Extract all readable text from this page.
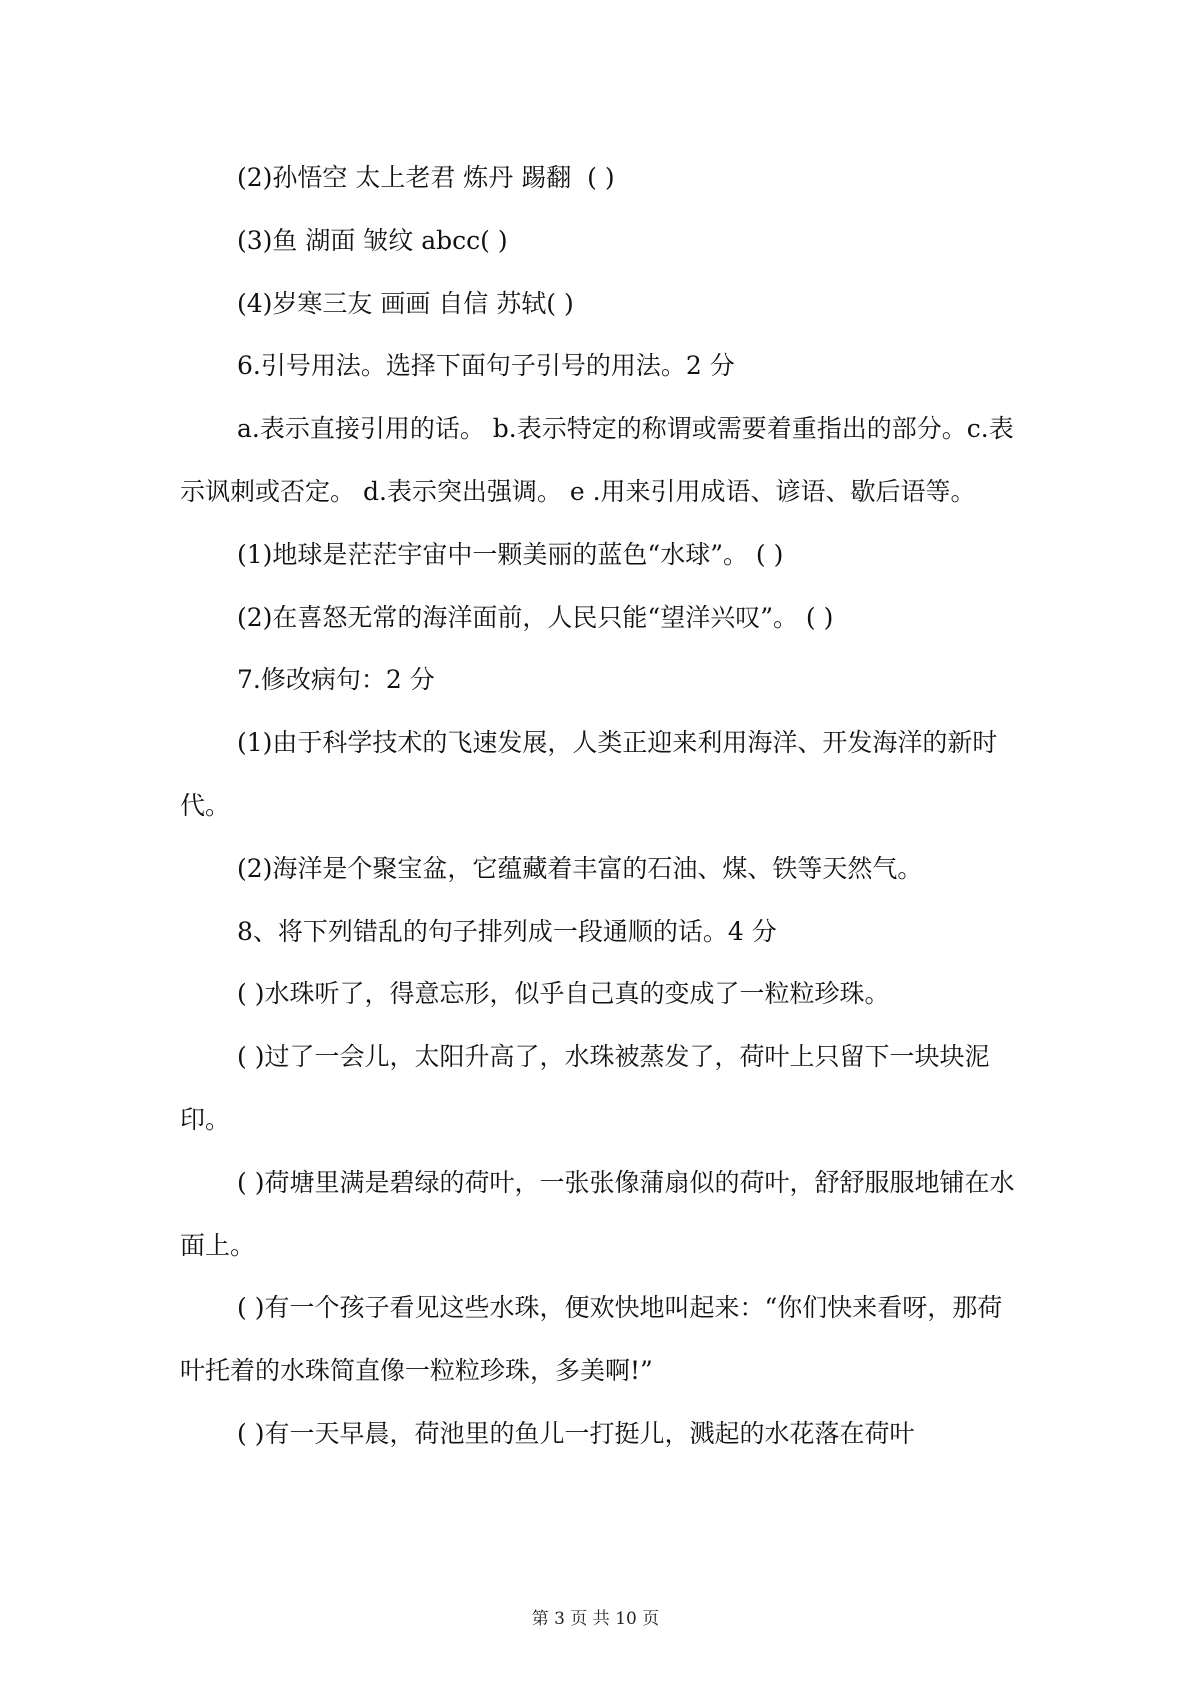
(2)孙悟空 太上老君 炼丹 踢翻  ( )

(3)鱼 湖面 皱纹 abcc( )

(4)岁寒三友 画画 自信 苏轼( )

6.引号用法。选择下面句子引号的用法。2 分

a.表示直接引用的话。 b.表示特定的称谓或需要着重指出的部分。c.表示讽刺或否定。 d.表示突出强调。 e .用来引用成语、谚语、歇后语等。

(1)地球是茫茫宇宙中一颗美丽的蓝色“水球”。 ( )

(2)在喜怒无常的海洋面前，人民只能“望洋兴叹”。 ( )

7.修改病句：2 分

(1)由于科学技术的飞速发展，人类正迎来利用海洋、开发海洋的新时代。

(2)海洋是个聚宝盆，它蕴藏着丰富的石油、煤、铁等天然气。

8、将下列错乱的句子排列成一段通顺的话。4 分

( )水珠听了，得意忘形，似乎自己真的变成了一粒粒珍珠。

( )过了一会儿，太阳升高了，水珠被蒸发了，荷叶上只留下一块块泥印。

( )荷塘里满是碧绿的荷叶，一张张像蒲扇似的荷叶，舒舒服服地铺在水面上。

( )有一个孩子看见这些水珠，便欢快地叫起来：“你们快来看呀，那荷叶托着的水珠简直像一粒粒珍珠，多美啊!”

( )有一天早晨，荷池里的鱼儿一打挺儿，溅起的水花落在荷叶

第 3 页 共 10 页
